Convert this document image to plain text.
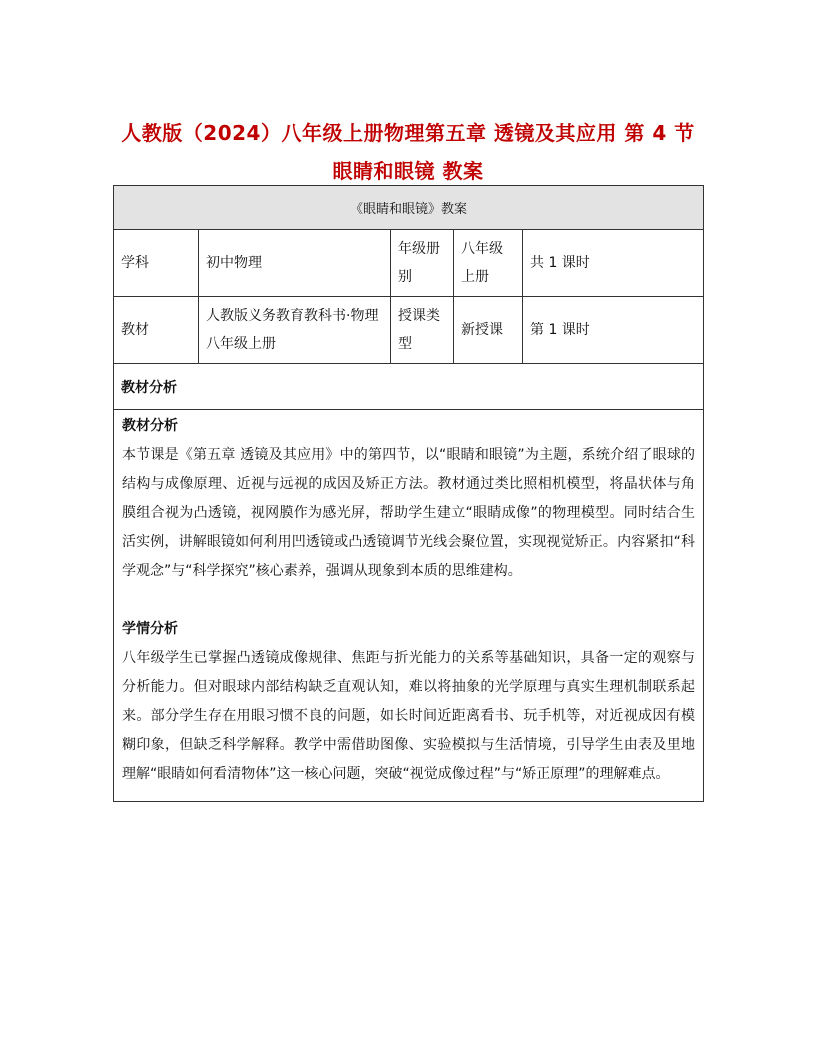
人教版（2024）八年级上册物理第五章 透镜及其应用 第 4 节 眼睛和眼镜 教案
《眼睛和眼镜》教案				
学科	初中物理	年级册别	八年级上册	共 1 课时
教材	人教版义务教育教科书·物理八年级上册	授课类型	新授课	第 1 课时
教材分析				

教材分析

本节课是《第五章 透镜及其应用》中的第四节，以“眼睛和眼镜”为主题，系统介绍了眼球的结构与成像原理、近视与远视的成因及矫正方法。教材通过类比照相机模型，将晶状体与角膜组合视为凸透镜，视网膜作为感光屏，帮助学生建立“眼睛成像”的物理模型。同时结合生活实例，讲解眼镜如何利用凹透镜或凸透镜调节光线会聚位置，实现视觉矫正。内容紧扣“科学观念”与“科学探究”核心素养，强调从现象到本质的思维建构。

学情分析

八年级学生已掌握凸透镜成像规律、焦距与折光能力的关系等基础知识，具备一定的观察与分析能力。但对眼球内部结构缺乏直观认知，难以将抽象的光学原理与真实生理机制联系起来。部分学生存在用眼习惯不良的问题，如长时间近距离看书、玩手机等，对近视成因有模糊印象，但缺乏科学解释。教学中需借助图像、实验模拟与生活情境，引导学生由表及里地理解“眼睛如何看清物体”这一核心问题，突破“视觉成像过程”与“矫正原理”的理解难点。				
